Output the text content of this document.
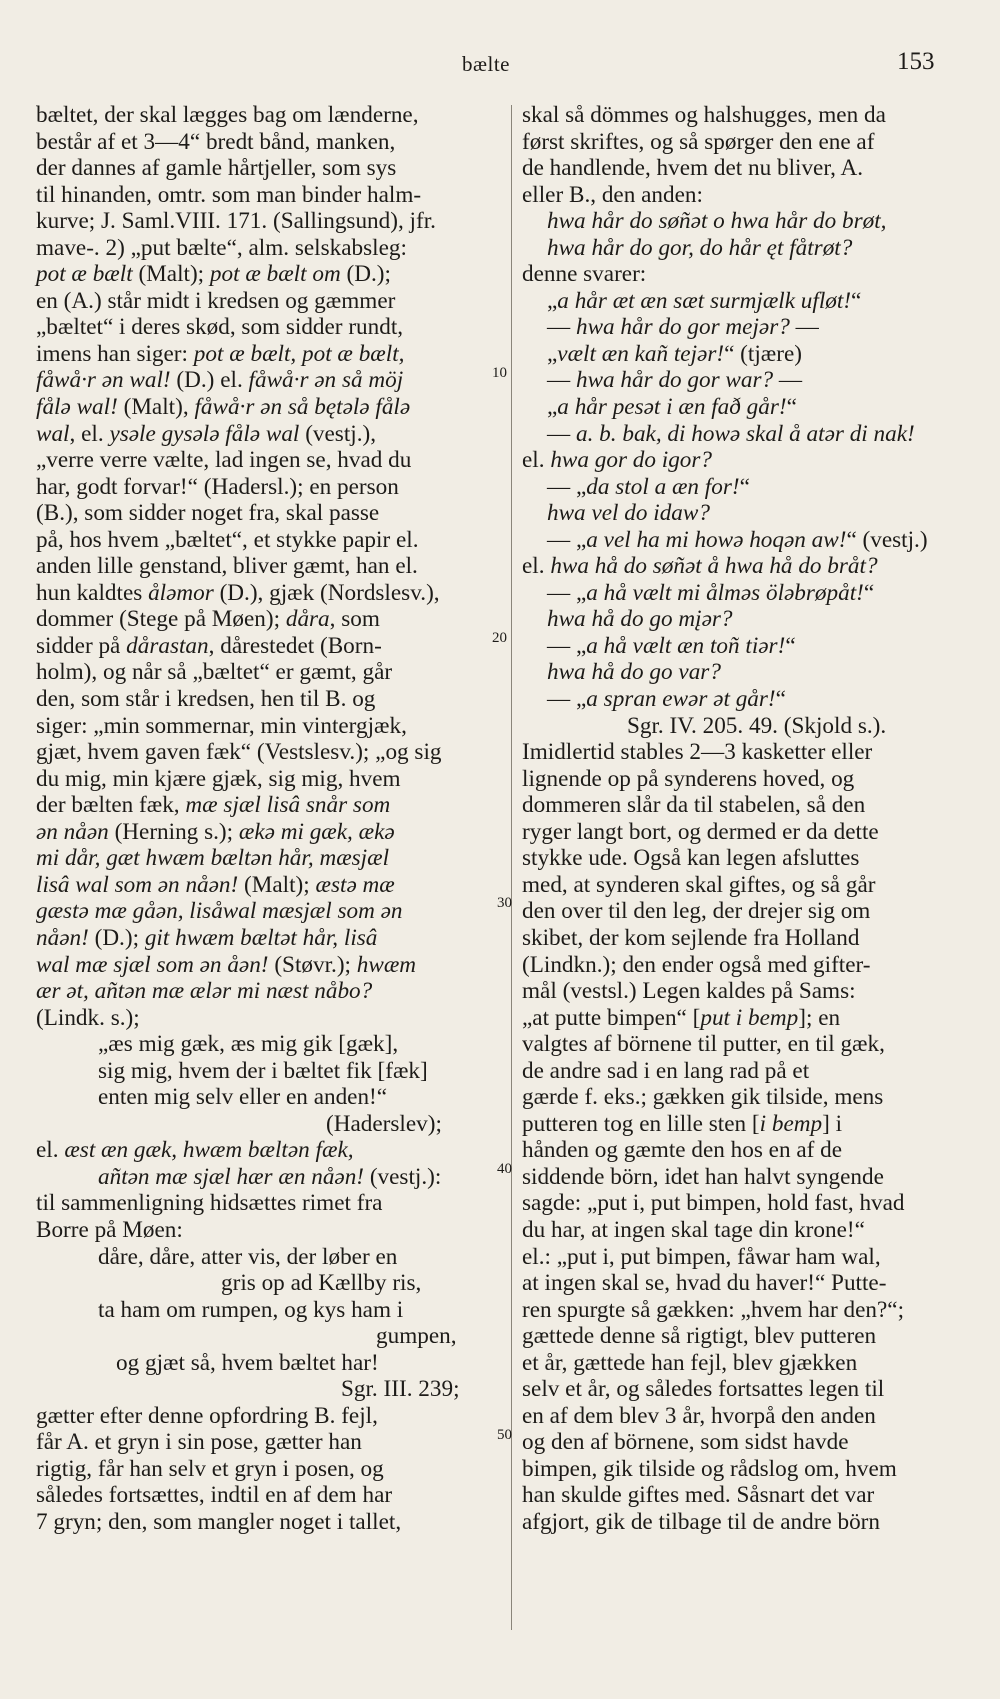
bælte	153
bæltet, der skal lægges bag om lænderne,
består af et 3—4“ bredt bånd, manken,
der dannes af gamle hårtjeller, som sys
til hinanden, omtr. som man binder halm-
kurve; J. Saml.VIII. 171. (Sallingsund), jfr.
mave-. 2) „put bælte“, alm. selskabsleg:
pot æ bælt (Malt); pot æ bælt om (D.);
en (A.) står midt i kredsen og gæmmer
„bæltet“ i deres skød, som sidder rundt,
imens han siger: pot æ bælt, pot æ bælt,
fåwå·r ən wal! (D.) el. fåwå·r ən så möj
fålə wal! (Malt), fåwå·r ən så bętələ fålə
wal, el. ysəle gysələ fålə wal (vestj.),
„verre verre vælte, lad ingen se, hvad du
har, godt forvar!“ (Hadersl.); en person
(B.), som sidder noget fra, skal passe
på, hos hvem „bæltet“, et stykke papir el.
anden lille genstand, bliver gæmt, han el.
hun kaldtes åləmor (D.), gjæk (Nordslesv.),
dommer (Stege på Møen); dåra, som
sidder på dårastan, dårestedet (Born-
holm), og når så „bæltet“ er gæmt, går
den, som står i kredsen, hen til B. og
siger: „min sommernar, min vintergjæk,
gjæt, hvem gaven fæk“ (Vestslesv.); „og sig
du mig, min kjære gjæk, sig mig, hvem
der bælten fæk, mæ sjæl lisâ snår som
ən nåən (Herning s.); ækə mi gæk, ækə
mi dår, gæt hwæm bæltən hår, mæsjæl
lisâ wal som ən nåən! (Malt); æstə mæ
gæstə mæ gåən, lisåwal mæsjæl som ən
nåən! (D.); git hwæm bæltət hår, lisâ
wal mæ sjæl som ən åən! (Støvr.); hwæm
ær ət, añtən mæ ælər mi næst nåbo?
(Lindk. s.);
„æs mig gæk, æs mig gik [gæk],
sig mig, hvem der i bæltet fik [fæk]
enten mig selv eller en anden!“
(Haderslev);
el. æst æn gæk, hwæm bæltən fæk,
añtən mæ sjæl hær æn nåən! (vestj.):
til sammenligning hidsættes rimet fra
Borre på Møen:
dåre, dåre, atter vis, der løber en
gris op ad Kællby ris,
ta ham om rumpen, og kys ham i
gumpen,
og gjæt så, hvem bæltet har!
Sgr. III. 239;
gætter efter denne opfordring B. fejl,
får A. et gryn i sin pose, gætter han
rigtig, får han selv et gryn i posen, og
således fortsættes, indtil en af dem har
7 gryn; den, som mangler noget i tallet,
skal så dömmes og halshugges, men da
først skriftes, og så spørger den ene af
de handlende, hvem det nu bliver, A.
eller B., den anden:
hwa hår do søñət o hwa hår do brøt,
hwa hår do gor, do hår ęt fåtrøt?
denne svarer:
„a hår æt æn sæt surmjælk ufløt!“
— hwa hår do gor mejər? —
„vælt æn kañ tejər!“ (tjære)
— hwa hår do gor war? —
„a hår pesət i æn fað går!“
— a. b. bak, di howə skal å atər di nak!
el. hwa gor do igor?
— „da stol a æn for!“
hwa vel do idaw?
— „a vel ha mi howə hoqən aw!“ (vestj.)
el. hwa hå do søñət å hwa hå do bråt?
— „a hå vælt mi ålməs öləbrøpåt!“
hwa hå do go mįər?
— „a hå vælt æn toñ tiər!“
hwa hå do go var?
— „a spran ewər ət går!“
Sgr. IV. 205. 49. (Skjold s.).
Imidlertid stables 2—3 kasketter eller
lignende op på synderens hoved, og
dommeren slår da til stabelen, så den
ryger langt bort, og dermed er da dette
stykke ude. Også kan legen afsluttes
med, at synderen skal giftes, og så går
den over til den leg, der drejer sig om
skibet, der kom sejlende fra Holland
(Lindkn.); den ender også med gifter-
mål (vestsl.) Legen kaldes på Sams:
„at putte bimpen“ [put i bemp]; en
valgtes af börnene til putter, en til gæk,
de andre sad i en lang rad på et
gærde f. eks.; gækken gik tilside, mens
putteren tog en lille sten [i bemp] i
hånden og gæmte den hos en af de
siddende börn, idet han halvt syngende
sagde: „put i, put bimpen, hold fast, hvad
du har, at ingen skal tage din krone!“
el.: „put i, put bimpen, fåwar ham wal,
at ingen skal se, hvad du haver!“ Putte-
ren spurgte så gækken: „hvem har den?“;
gættede denne så rigtigt, blev putteren
et år, gættede han fejl, blev gjækken
selv et år, og således fortsattes legen til
en af dem blev 3 år, hvorpå den anden
og den af börnene, som sidst havde
bimpen, gik tilside og rådslog om, hvem
han skulde giftes med. Såsnart det var
afgjort, gik de tilbage til de andre börn
10
20
30
40
50
